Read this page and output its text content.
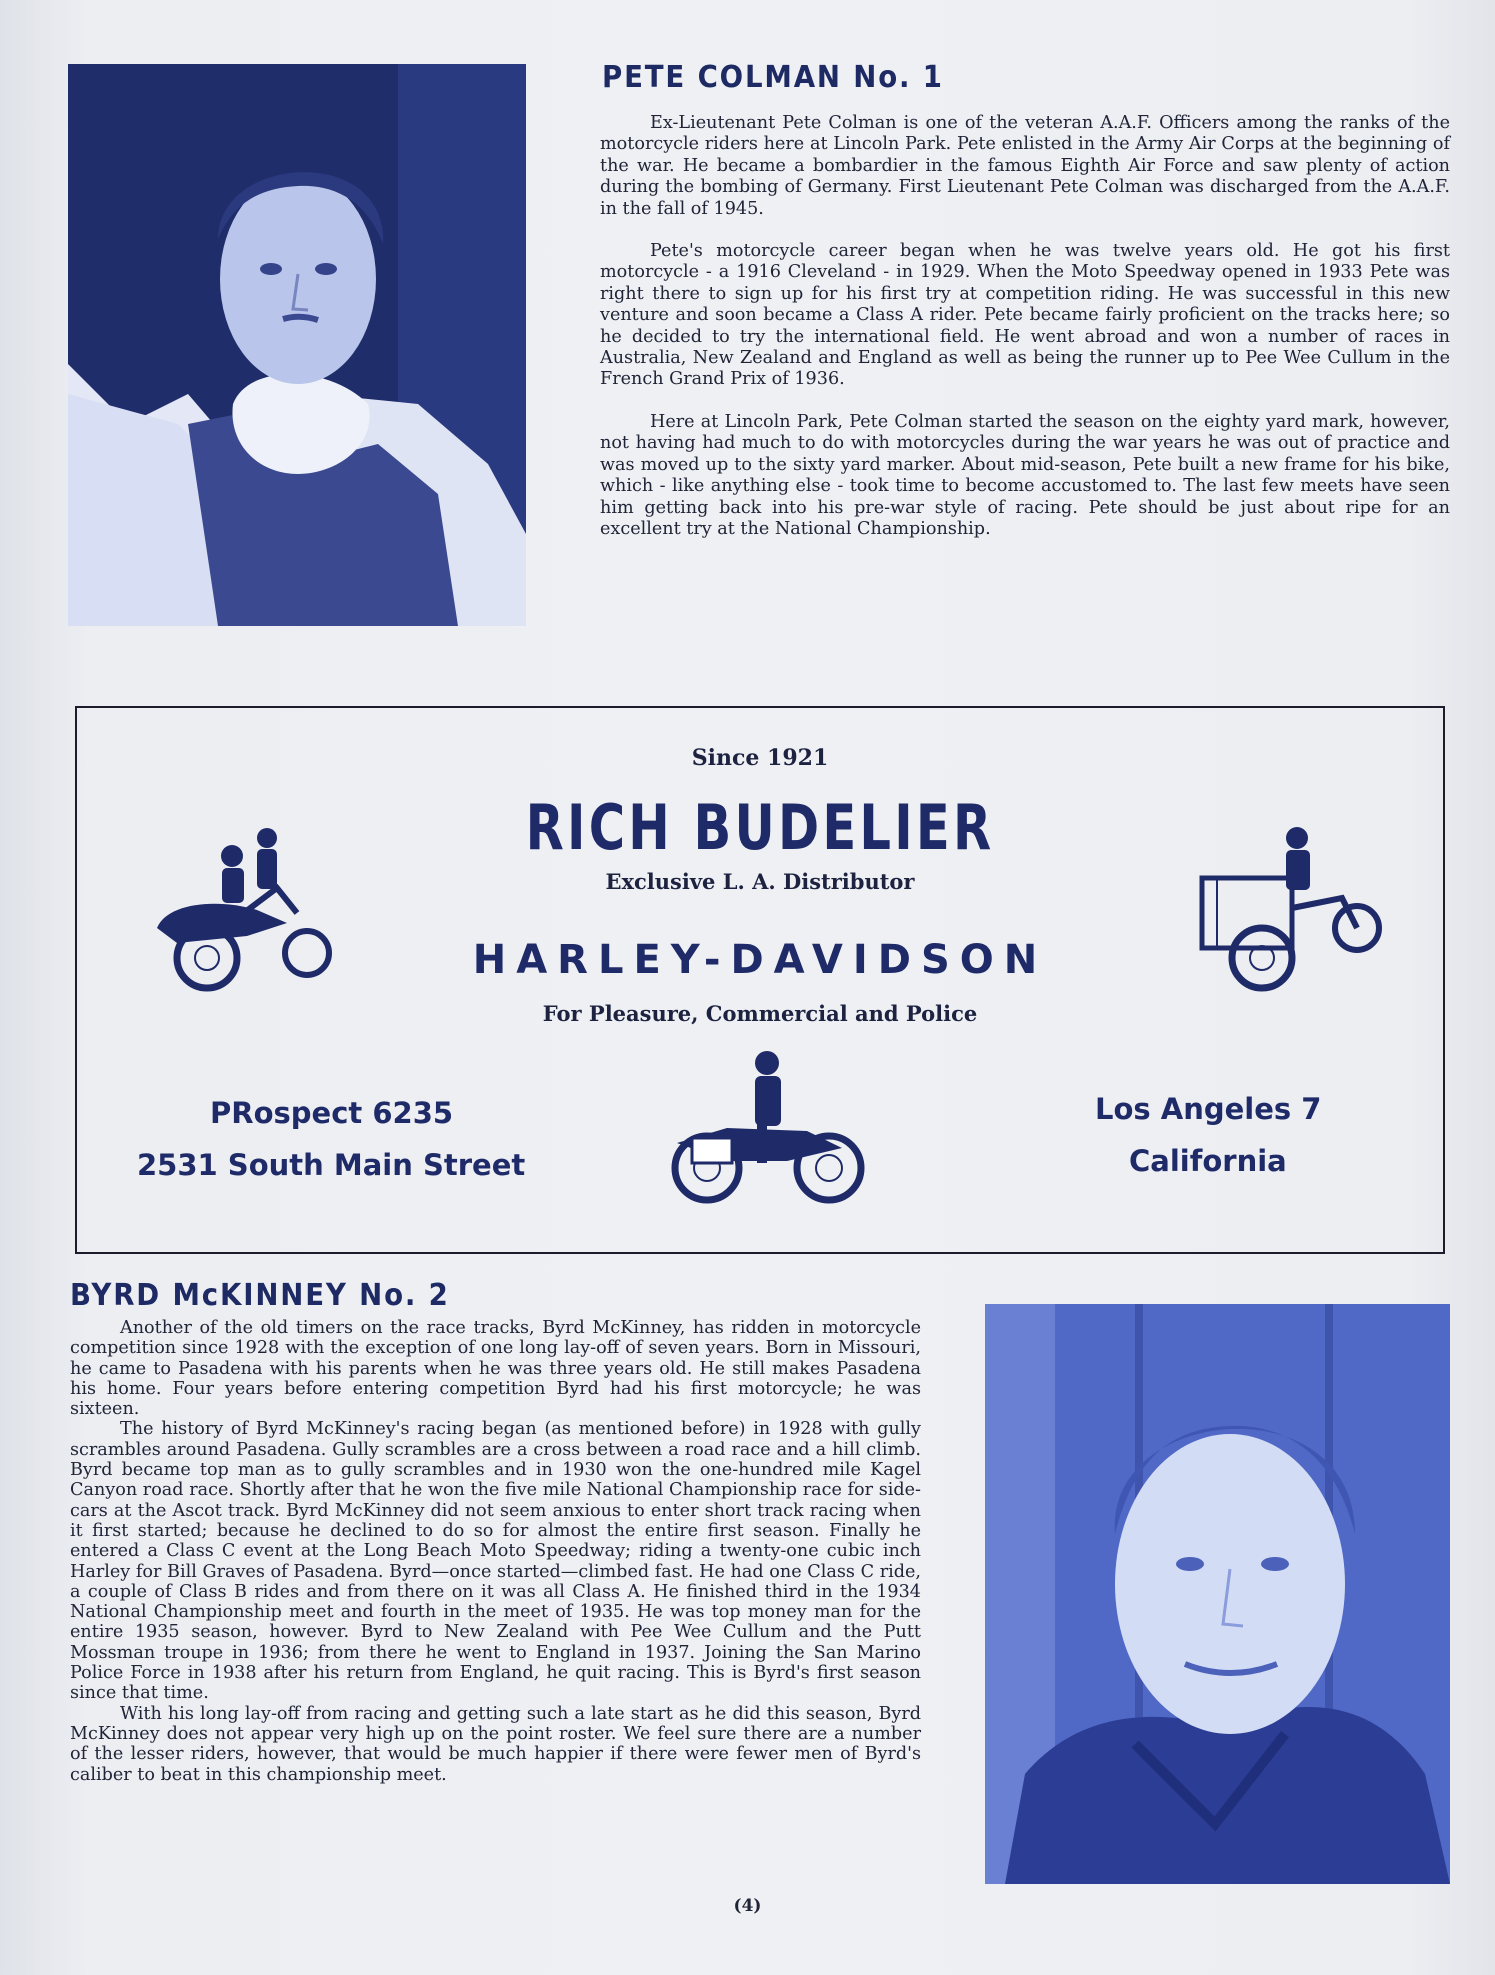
PETE COLMAN No. 1

Ex-Lieutenant Pete Colman is one of the veteran A.A.F. Officers among the ranks of the motorcycle riders here at Lincoln Park. Pete enlisted in the Army Air Corps at the beginning of the war. He became a bombardier in the famous Eighth Air Force and saw plenty of action during the bombing of Germany. First Lieutenant Pete Colman was discharged from the A.A.F. in the fall of 1945.

Pete's motorcycle career began when he was twelve years old. He got his first motorcycle - a 1916 Cleveland - in 1929. When the Moto Speedway opened in 1933 Pete was right there to sign up for his first try at competition riding. He was successful in this new venture and soon became a Class A rider. Pete became fairly proficient on the tracks here; so he decided to try the international field. He went abroad and won a number of races in Australia, New Zealand and England as well as being the runner up to Pee Wee Cullum in the French Grand Prix of 1936.

Here at Lincoln Park, Pete Colman started the season on the eighty yard mark, however, not having had much to do with motorcycles during the war years he was out of practice and was moved up to the sixty yard marker. About mid-season, Pete built a new frame for his bike, which - like anything else - took time to become accustomed to. The last few meets have seen him getting back into his pre-war style of racing. Pete should be just about ripe for an excellent try at the National Championship.

Since 1921
RICH BUDELIER
Exclusive L. A. Distributor
HARLEY-DAVIDSON
For Pleasure, Commercial and Police
PRospect 6235
2531 South Main Street
Los Angeles 7
California
BYRD McKINNEY No. 2

Another of the old timers on the race tracks, Byrd McKinney, has ridden in motorcycle competition since 1928 with the exception of one long lay-off of seven years. Born in Missouri, he came to Pasadena with his parents when he was three years old. He still makes Pasadena his home. Four years before entering competition Byrd had his first motorcycle; he was sixteen.

The history of Byrd McKinney's racing began (as mentioned before) in 1928 with gully scrambles around Pasadena. Gully scrambles are a cross between a road race and a hill climb. Byrd became top man as to gully scrambles and in 1930 won the one-hundred mile Kagel Canyon road race. Shortly after that he won the five mile National Championship race for side-cars at the Ascot track. Byrd McKinney did not seem anxious to enter short track racing when it first started; because he declined to do so for almost the entire first season. Finally he entered a Class C event at the Long Beach Moto Speedway; riding a twenty-one cubic inch Harley for Bill Graves of Pasadena. Byrd—once started—climbed fast. He had one Class C ride, a couple of Class B rides and from there on it was all Class A. He finished third in the 1934 National Championship meet and fourth in the meet of 1935. He was top money man for the entire 1935 season, however. Byrd to New Zealand with Pee Wee Cullum and the Putt Mossman troupe in 1936; from there he went to England in 1937. Joining the San Marino Police Force in 1938 after his return from England, he quit racing. This is Byrd's first season since that time.

With his long lay-off from racing and getting such a late start as he did this season, Byrd McKinney does not appear very high up on the point roster. We feel sure there are a number of the lesser riders, however, that would be much happier if there were fewer men of Byrd's caliber to beat in this championship meet.

(4)
